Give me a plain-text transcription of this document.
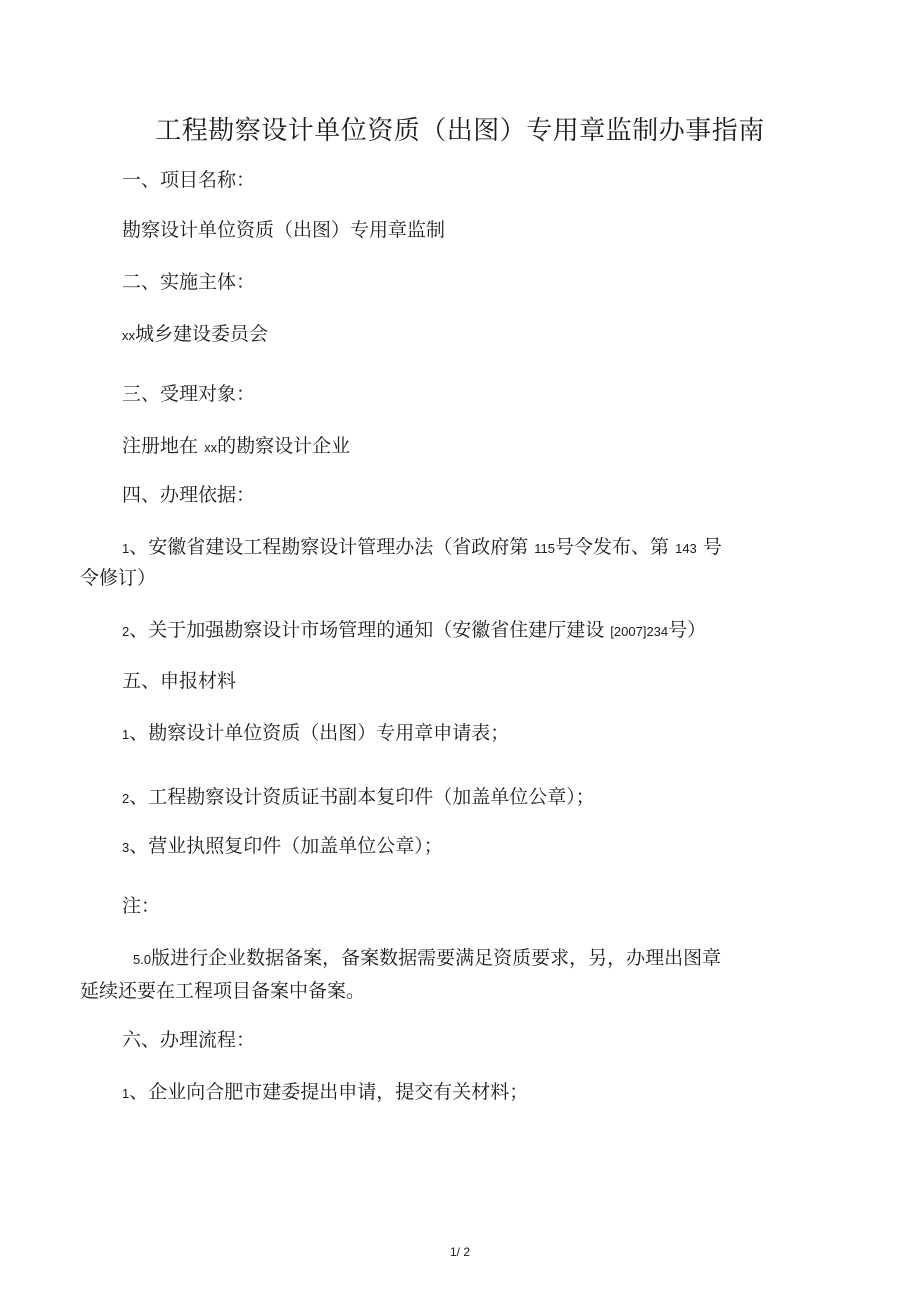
工程勘察设计单位资质（出图）专用章监制办事指南
一、项目名称：
勘察设计单位资质（出图）专用章监制
二、实施主体：
xx城乡建设委员会
三、受理对象：
注册地在 xx的勘察设计企业
四、办理依据：
1、安徽省建设工程勘察设计管理办法（省政府第 115号令发布、第 143 号
令修订）
2、关于加强勘察设计市场管理的通知（安徽省住建厅建设 [2007]234号）
五、申报材料
1、勘察设计单位资质（出图）专用章申请表；
2、工程勘察设计资质证书副本复印件（加盖单位公章）；
3、营业执照复印件（加盖单位公章）；
注：
5.0版进行企业数据备案，备案数据需要满足资质要求，另，办理出图章
延续还要在工程项目备案中备案。
六、办理流程：
1、企业向合肥市建委提出申请，提交有关材料；
1/ 2
